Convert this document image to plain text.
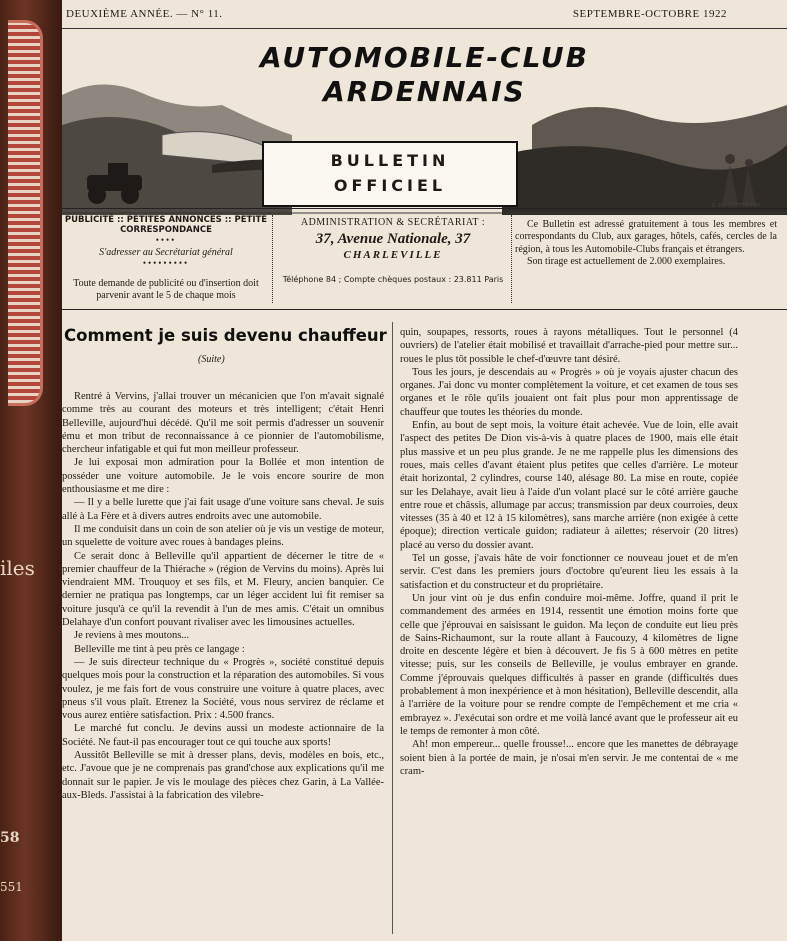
iles
58
551
DEUXIÈME ANNÉE. — N° 11.	SEPTEMBRE-OCTOBRE 1922
AUTOMOBILE-CLUB
ARDENNAIS
BULLETIN
OFFICIEL
E. PLUQUET-MOREY
PUBLICITÉ :: PETITES ANNONCES :: PETITE CORRESPONDANCE
••••
S'adresser au Secrétariat général
•••••••••
Toute demande de publicité ou d'insertion doit parvenir avant le 5 de chaque mois
ADMINISTRATION & SECRÉTARIAT :
37, Avenue Nationale, 37
CHARLEVILLE
Téléphone 84 ; Compte chèques postaux : 23.811 Paris
Ce Bulletin est adressé gratuitement à tous les membres et correspondants du Club, aux garages, hôtels, cafés, cercles de la région, à tous les Automobile-Clubs français et étrangers.
Son tirage est actuellement de 2.000 exemplaires.
Comment je suis devenu chauffeur
(Suite)

Rentré à Vervins, j'allai trouver un mécanicien que l'on m'avait signalé comme très au courant des moteurs et très intelligent; c'était Henri Belleville, aujourd'hui décédé. Qu'il me soit permis d'adresser un souvenir ému et mon tribut de reconnaissance à ce pionnier de l'automobilisme, chercheur infatigable et qui fut mon meilleur professeur.

Je lui exposai mon admiration pour la Bollée et mon intention de posséder une voiture automobile. Je le vois encore sourire de mon enthousiasme et me dire :

— Il y a belle lurette que j'ai fait usage d'une voiture sans cheval. Je suis allé à La Fère et à divers autres endroits avec une automobile.

Il me conduisit dans un coin de son atelier où je vis un vestige de moteur, un squelette de voiture avec roues à bandages pleins.

Ce serait donc à Belleville qu'il appartient de décerner le titre de « premier chauffeur de la Thiérache » (région de Vervins du moins). Après lui viendraient MM. Trouquoy et ses fils, et M. Fleury, ancien banquier. Ce dernier ne pratiqua pas longtemps, car un léger accident lui fit remiser sa voiture jusqu'à ce qu'il la revendit à l'un de mes amis. C'était un omnibus Delahaye d'un confort pouvant rivaliser avec les limousines actuelles.

Je reviens à mes moutons...

Belleville me tint à peu près ce langage :

— Je suis directeur technique du « Progrès », société constitué depuis quelques mois pour la construction et la réparation des automobiles. Si vous voulez, je me fais fort de vous construire une voiture à quatre places, avec pneus s'il vous plaît. Etrenez la Société, vous nous servirez de réclame et vous aurez entière satisfaction. Prix : 4.500 francs.

Le marché fut conclu. Je devins aussi un modeste actionnaire de la Société. Ne faut-il pas encourager tout ce qui touche aux sports!

Aussitôt Belleville se mit à dresser plans, devis, modèles en bois, etc., etc. J'avoue que je ne comprenais pas grand'chose aux explications qu'il me donnait sur le papier. Je vis le moulage des pièces chez Garin, à La Vallée-aux-Bleds. J'assistai à la fabrication des vilebre-

quin, soupapes, ressorts, roues à rayons métalliques. Tout le personnel (4 ouvriers) de l'atelier était mobilisé et travaillait d'arrache-pied pour mettre sur... roues le plus tôt possible le chef-d'œuvre tant désiré.

Tous les jours, je descendais au « Progrès » où je voyais ajuster chacun des organes. J'ai donc vu monter complètement la voiture, et cet examen de tous ses organes et le rôle qu'ils jouaient ont fait plus pour mon apprentissage de chauffeur que toutes les théories du monde.

Enfin, au bout de sept mois, la voiture était achevée. Vue de loin, elle avait l'aspect des petites De Dion vis-à-vis à quatre places de 1900, mais elle était plus massive et un peu plus grande. Je ne me rappelle plus les dimensions des roues, mais celles d'avant étaient plus petites que celles d'arrière. Le moteur était horizontal, 2 cylindres, course 140, alésage 80. La mise en route, copiée sur les Delahaye, avait lieu à l'aide d'un volant placé sur le côté arrière gauche entre roue et châssis, allumage par accus; transmission par deux courroies, deux vitesses (35 à 40 et 12 à 15 kilomètres), sans marche arrière (non exigée à cette époque); direction verticale guidon; radiateur à ailettes; réservoir (20 litres) placé au verso du dossier avant.

Tel un gosse, j'avais hâte de voir fonctionner ce nouveau jouet et de m'en servir. C'est dans les premiers jours d'octobre qu'eurent lieu les essais à la satisfaction et du constructeur et du propriétaire.

Un jour vint où je dus enfin conduire moi-même. Joffre, quand il prit le commandement des armées en 1914, ressentit une émotion moins forte que celle que j'éprouvai en saisissant le guidon. Ma leçon de conduite eut lieu près de Sains-Richaumont, sur la route allant à Faucouzy, 4 kilomètres de ligne droite en descente légère et bien à découvert. Je fis 5 à 600 mètres en petite vitesse; puis, sur les conseils de Belleville, je voulus embrayer en grande. Comme j'éprouvais quelques difficultés à passer en grande (difficultés dues probablement à mon inexpérience et à mon hésitation), Belleville descendit, alla à l'arrière de la voiture pour se rendre compte de l'empêchement et me cria « embrayez ». J'exécutai son ordre et me voilà lancé avant que le professeur ait eu le temps de remonter à mon côté.

Ah! mon empereur... quelle frousse!... encore que les manettes de débrayage soient bien à la portée de main, je n'osai m'en servir. Je me contentai de « me cram-
